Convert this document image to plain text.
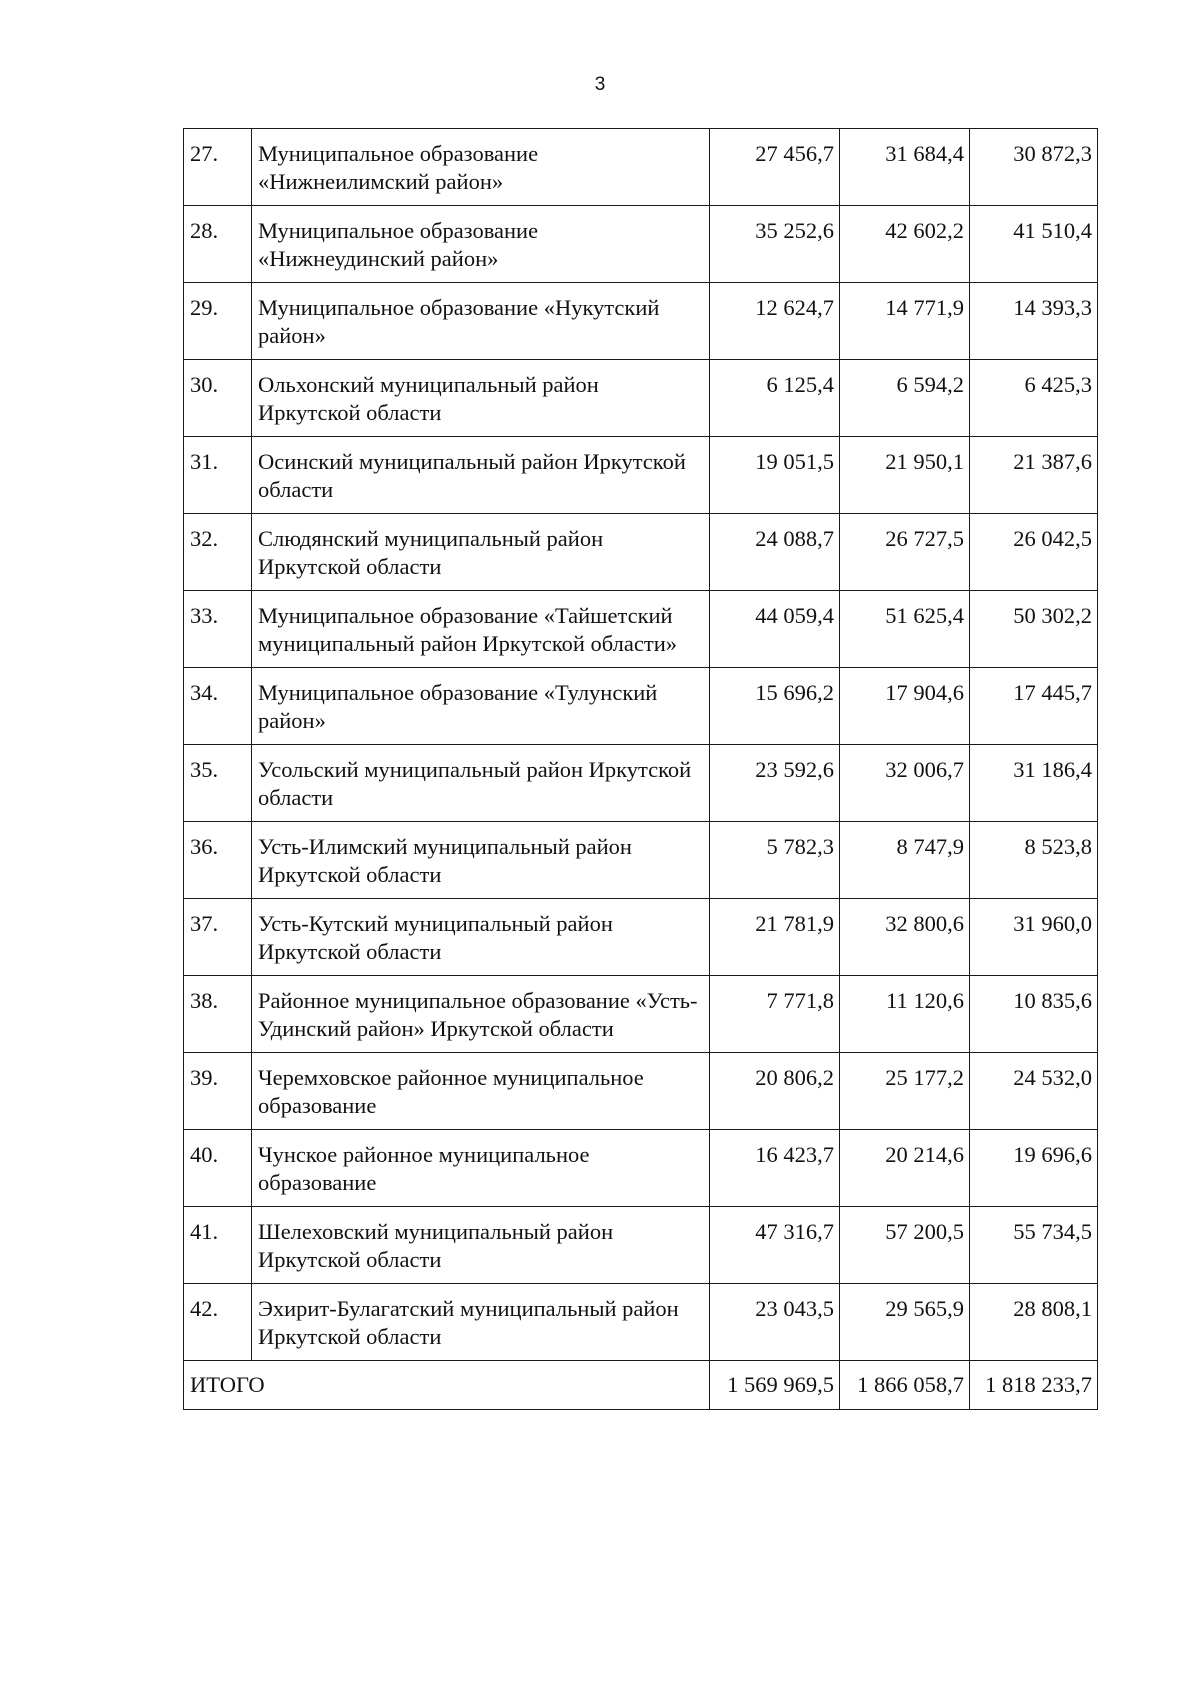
3
27.	Муниципальное образование «Нижнеилимский район»	27 456,7	31 684,4	30 872,3
28.	Муниципальное образование «Нижнеудинский район»	35 252,6	42 602,2	41 510,4
29.	Муниципальное образование «Нукутский район»	12 624,7	14 771,9	14 393,3
30.	Ольхонский муниципальный район Иркутской области	6 125,4	6 594,2	6 425,3
31.	Осинский муниципальный район Иркутской области	19 051,5	21 950,1	21 387,6
32.	Слюдянский муниципальный район Иркутской области	24 088,7	26 727,5	26 042,5
33.	Муниципальное образование «Тайшетский муниципальный район Иркутской области»	44 059,4	51 625,4	50 302,2
34.	Муниципальное образование «Тулунский район»	15 696,2	17 904,6	17 445,7
35.	Усольский муниципальный район Иркутской области	23 592,6	32 006,7	31 186,4
36.	Усть-Илимский муниципальный район Иркутской области	5 782,3	8 747,9	8 523,8
37.	Усть-Кутский муниципальный район Иркутской области	21 781,9	32 800,6	31 960,0
38.	Районное муниципальное образование «Усть-Удинский район» Иркутской области	7 771,8	11 120,6	10 835,6
39.	Черемховское районное муниципальное образование	20 806,2	25 177,2	24 532,0
40.	Чунское районное муниципальное образование	16 423,7	20 214,6	19 696,6
41.	Шелеховский муниципальный район Иркутской области	47 316,7	57 200,5	55 734,5
42.	Эхирит-Булагатский муниципальный район Иркутской области	23 043,5	29 565,9	28 808,1
ИТОГО		1 569 969,5	1 866 058,7	1 818 233,7
